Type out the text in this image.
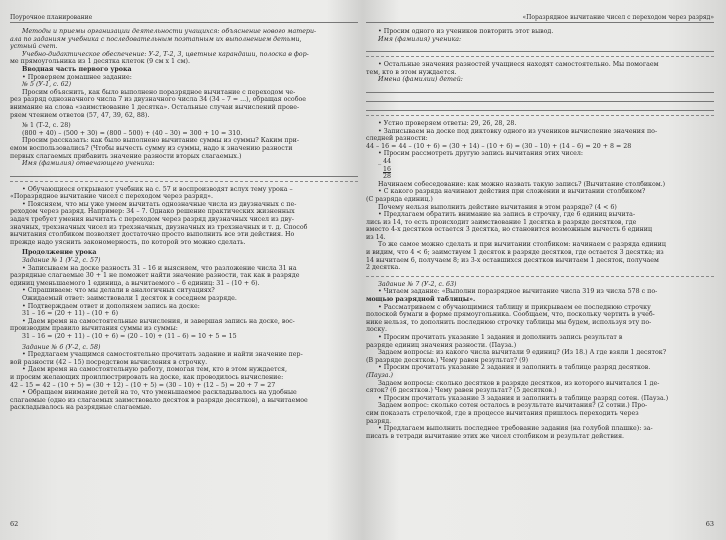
Поурочное планирование

Методы и приемы организации деятельности учащихся: объяснение нового матери-

ала по заданиям учебника с последовательным поэтапным их выполнением детьми,

устный счет.

Учебно-дидактическое обеспечение: У-2, Т-2, 3, цветные карандаши, полоска в фор-

ме прямоугольника из 1 десятка клеток (9 см х 1 см).

Вводная часть первого урока

• Проверяем домашнее задание:

№ 5 (У-1, с. 62)

Просим объяснить, как было выполнено поразрядное вычитание с переходом че-

рез разряд однозначного числа 7 из двузначного числа 34 (34 – 7 = ...), обращая особое

внимание на слова «заимствование 1 десятка». Остальные случаи вычислений прове-

ряем чтением ответов (57, 47, 39, 62, 88).

№ 1 (Т-2, с. 28)

(800 + 40) – (500 + 30) = (800 – 500) + (40 – 30) = 300 + 10 = 310.

Просим рассказать: как было выполнено вычитание суммы из суммы? Каким при-

емом воспользовались? (Чтобы вычесть сумму из суммы, надо к значению разности

первых слагаемых прибавить значение разности вторых слагаемых.)

Имя (фамилия) отвечающего ученика:

• Обучающиеся открывают учебник на с. 57 и воспроизводят вслух тему урока –

«Поразрядное вычитание чисел с переходом через разряд».

• Поясняем, что мы уже умеем вычитать однозначные числа из двузначных с пе-

реходом через разряд. Например: 34 – 7. Однако решение практических жизненных

задач требует умения вычитать с переходом через разряд двузначных чисел из дву-

значных, трехзначных чисел из трехзначных, двузначных из трехзначных и т. д. Способ

вычитания столбиком позволяет достаточно просто выполнить все эти действия. Но

прежде надо уяснить закономерность, по которой это можно сделать.

Продолжение урока

Задание № 1 (У-2, с. 57)

• Записываем на доске разность 31 – 16 и выясняем, что разложение числа 31 на

разрядные слагаемые 30 + 1 не поможет найти значение разности, так как в разряде

единиц уменьшаемого 1 единица, а вычитаемого – 6 единиц: 31 – (10 + 6).

• Спрашиваем: что мы делали в аналогичных ситуациях?

Ожидаемый ответ: заимствовали 1 десяток в соседнем разряде.

• Подтверждаем ответ и дополняем запись на доске:

31 – 16 = (20 + 11) – (10 + 6)

• Даем время на самостоятельные вычисления, и завершая запись на доске, вос-

производим правило вычитания суммы из суммы:

31 – 16 = (20 + 11) – (10 + 6) = (20 – 10) + (11 – 6) = 10 + 5 = 15

Задание № 6 (У-2, с. 58)

• Предлагаем учащимся самостоятельно прочитать задание и найти значение пер-

вой разности (42 – 15) посредством вычисления в строчку.

• Даем время на самостоятельную работу, помогая тем, кто в этом нуждается,

и просим желающих проиллюстрировать на доске, как проводилось вычисление:

42 – 15 = 42 – (10 + 5) = (30 + 12) – (10 + 5) = (30 – 10) + (12 – 5) = 20 + 7 = 27

• Обращаем внимание детей на то, что уменьшаемое раскладывалось на удобные

слагаемые (одно из слагаемых заимствовало десяток в разряде десятков), а вычитаемое

раскладывалось на разрядные слагаемые.

62
«Поразрядное вычитание чисел с переходом через разряд»

• Просим одного из учеников повторить этот вывод.

Имя (фамилия) ученика:

• Остальные значения разностей учащиеся находят самостоятельно. Мы помогаем

тем, кто в этом нуждается.

Имена (фамилии) детей:

• Устно проверяем ответы: 29, 26, 28, 28.

• Записываем на доске под диктовку одного из учеников вычисление значения по-

следней разности:

44 – 16 = 44 – (10 + 6) = (30 + 14) – (10 + 6) = (30 – 10) + (14 – 6) = 20 + 8 = 28

• Просим рассмотреть другую запись вычитания этих чисел:

_ 44

16

28

Начинаем собеседование: как можно назвать такую запись? (Вычитание столбиком.)

• С какого разряда начинают действия при сложении и вычитании столбиком?

(С разряда единиц.)

Почему нельзя выполнить действие вычитания в этом разряде? (4 < 6)

• Предлагаем обратить внимание на запись в строчку, где 6 единиц вычита-

лись из 14, то есть происходит заимствование 1 десятка в разряде десятков, где

вместо 4-х десятков остается 3 десятка, но становится возможным вычесть 6 единиц

из 14.

То же самое можно сделать и при вычитании столбиком: начинаем с разряда единиц

и видим, что 4 < 6; заимствуем 1 десяток в разряде десятков, где остается 3 десятка; из

14 вычитаем 6, получаем 8; из 3-х оставшихся десятков вычитаем 1 десяток, получаем

2 десятка.

Задание № 7 (У-2, с. 63)

• Читаем задание: «Выполни поразрядное вычитание числа 319 из числа 578 с по-

мощью разрядной таблицы».

• Рассматриваем с обучающимися таблицу и прикрываем ее последнюю строчку

полоской бумаги в форме прямоугольника. Сообщаем, что, поскольку чертить в учеб-

нике нельзя, то дополнить последнюю строчку таблицы мы будем, используя эту по-

лоску.

• Просим прочитать указание 1 задания и дополнить запись результат в

разряде единиц значения разности. (Пауза.)

Задаем вопросы: из какого числа вычитали 9 единиц? (Из 18.) А где взяли 1 десяток?

(В разряде десятков.) Чему равен результат? (9)

• Просим прочитать указание 2 задания и заполнить в таблице разряд десятков.

(Пауза.)

Задаем вопросы: сколько десятков в разряде десятков, из которого вычитался 1 де-

сяток? (6 десятков.) Чему равен результат? (5 десятков.)

• Просим прочитать указание 3 задания и заполнить в таблице разряд сотен. (Пауза.)

Задаем вопрос: сколько сотен осталось в результате вычитания? (2 сотни.) Про-

сим показать стрелочкой, где в процессе вычитания пришлось переходить через

разряд.

• Предлагаем выполнить последнее требование задания (на голубой плашке): за-

писать в тетради вычитание этих же чисел столбиком и результат действия.

63
